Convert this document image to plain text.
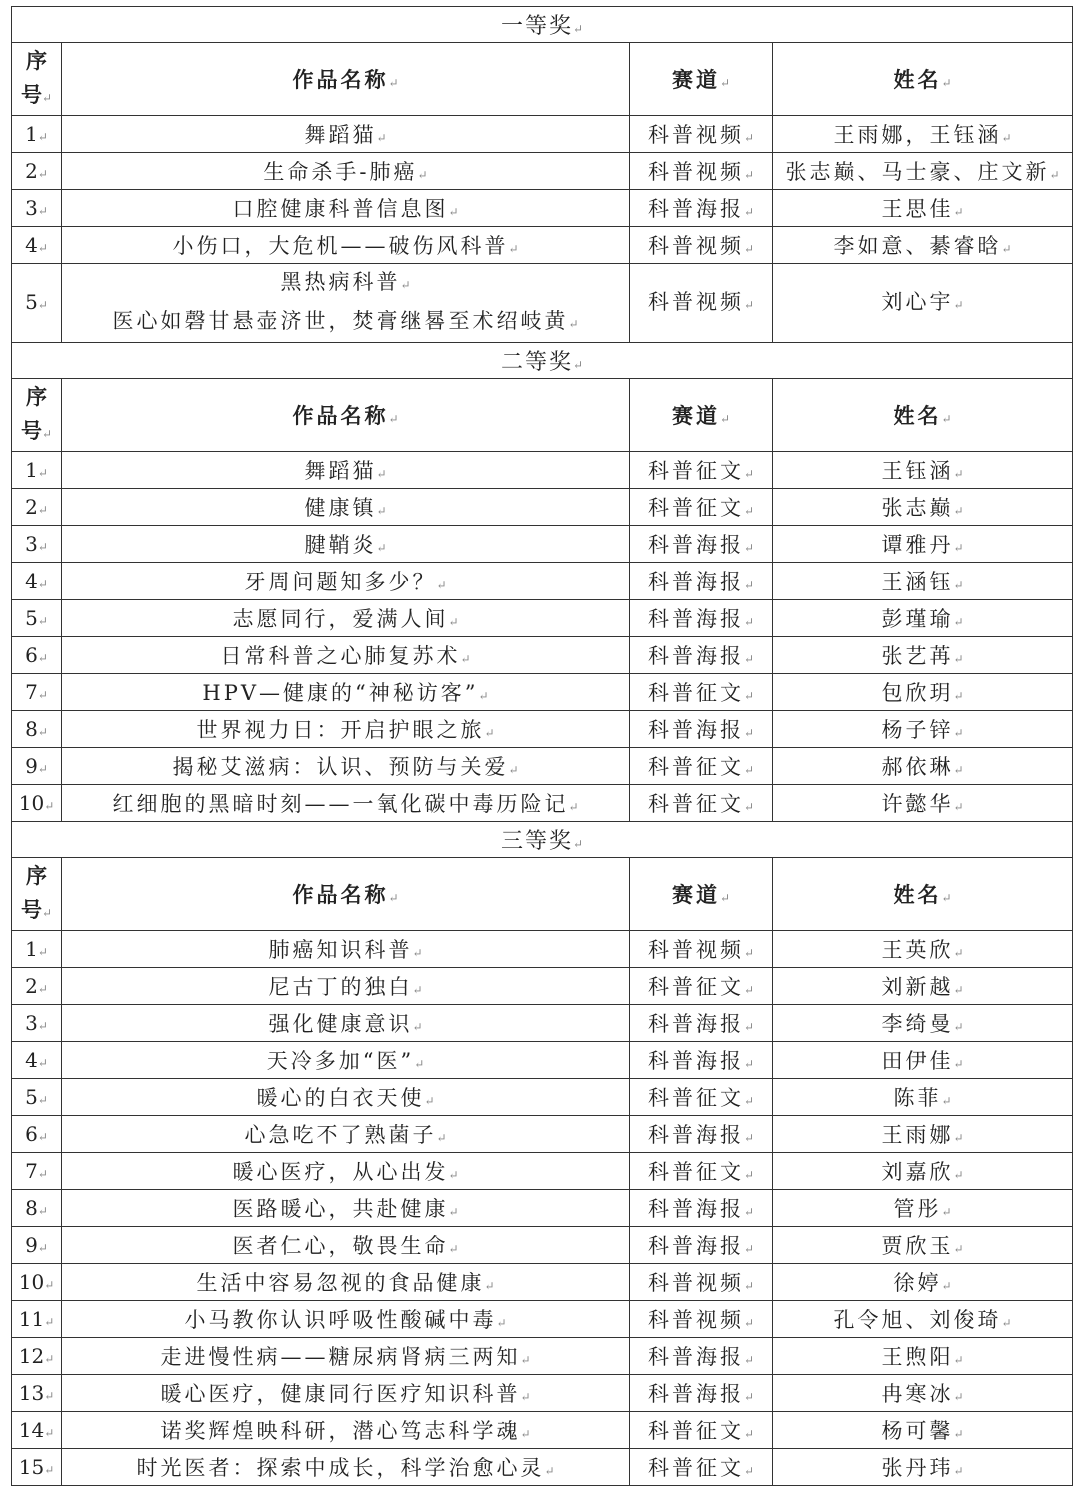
一等奖 ↵

序
号 ↵	作品名称 ↵	赛道 ↵	姓名 ↵
1 ↵	舞蹈猫 ↵	科普视频 ↵	王雨娜，王钰涵 ↵
2 ↵	生命杀手-肺癌 ↵	科普视频 ↵	张志巅、马士豪、庄文新 ↵
3 ↵	口腔健康科普信息图 ↵	科普海报 ↵	王思佳 ↵
4 ↵	小伤口，大危机——破伤风科普 ↵	科普视频 ↵	李如意、綦睿晗 ↵
5 ↵	黑热病科普 ↵
医心如磬甘悬壶济世，焚膏继晷至术绍岐黄 ↵	科普视频 ↵	刘心宇 ↵
二等奖 ↵

序
号 ↵	作品名称 ↵	赛道 ↵	姓名 ↵
1 ↵	舞蹈猫 ↵	科普征文 ↵	王钰涵 ↵
2 ↵	健康镇 ↵	科普征文 ↵	张志巅 ↵
3 ↵	腱鞘炎 ↵	科普海报 ↵	谭雅丹 ↵
4 ↵	牙周问题知多少？ ↵	科普海报 ↵	王涵钰 ↵
5 ↵	志愿同行，爱满人间 ↵	科普海报 ↵	彭瑾瑜 ↵
6 ↵	日常科普之心肺复苏术 ↵	科普海报 ↵	张艺苒 ↵
7 ↵	HPV—健康的“神秘访客” ↵	科普征文 ↵	包欣玥 ↵
8 ↵	世界视力日：开启护眼之旅 ↵	科普海报 ↵	杨子锌 ↵
9 ↵	揭秘艾滋病：认识、预防与关爱 ↵	科普征文 ↵	郝依琳 ↵
10 ↵	红细胞的黑暗时刻——一氧化碳中毒历险记 ↵	科普征文 ↵	许懿华 ↵
三等奖 ↵

序
号 ↵	作品名称 ↵	赛道 ↵	姓名 ↵
1 ↵	肺癌知识科普 ↵	科普视频 ↵	王英欣 ↵
2 ↵	尼古丁的独白 ↵	科普征文 ↵	刘新越 ↵
3 ↵	强化健康意识 ↵	科普海报 ↵	李绮曼 ↵
4 ↵	天冷多加“医” ↵	科普海报 ↵	田伊佳 ↵
5 ↵	暖心的白衣天使 ↵	科普征文 ↵	陈菲 ↵
6 ↵	心急吃不了熟菌子 ↵	科普海报 ↵	王雨娜 ↵
7 ↵	暖心医疗，从心出发 ↵	科普征文 ↵	刘嘉欣 ↵
8 ↵	医路暖心，共赴健康 ↵	科普海报 ↵	管彤 ↵
9 ↵	医者仁心，敬畏生命 ↵	科普海报 ↵	贾欣玉 ↵
10 ↵	生活中容易忽视的食品健康 ↵	科普视频 ↵	徐婷 ↵
11 ↵	小马教你认识呼吸性酸碱中毒 ↵	科普视频 ↵	孔令旭、刘俊琦 ↵
12 ↵	走进慢性病——糖尿病肾病三两知 ↵	科普海报 ↵	王煦阳 ↵
13 ↵	暖心医疗，健康同行医疗知识科普 ↵	科普海报 ↵	冉寒冰 ↵
14 ↵	诺奖辉煌映科研，潜心笃志科学魂 ↵	科普征文 ↵	杨可馨 ↵
15 ↵	时光医者：探索中成长，科学治愈心灵 ↵	科普征文 ↵	张丹玮 ↵
